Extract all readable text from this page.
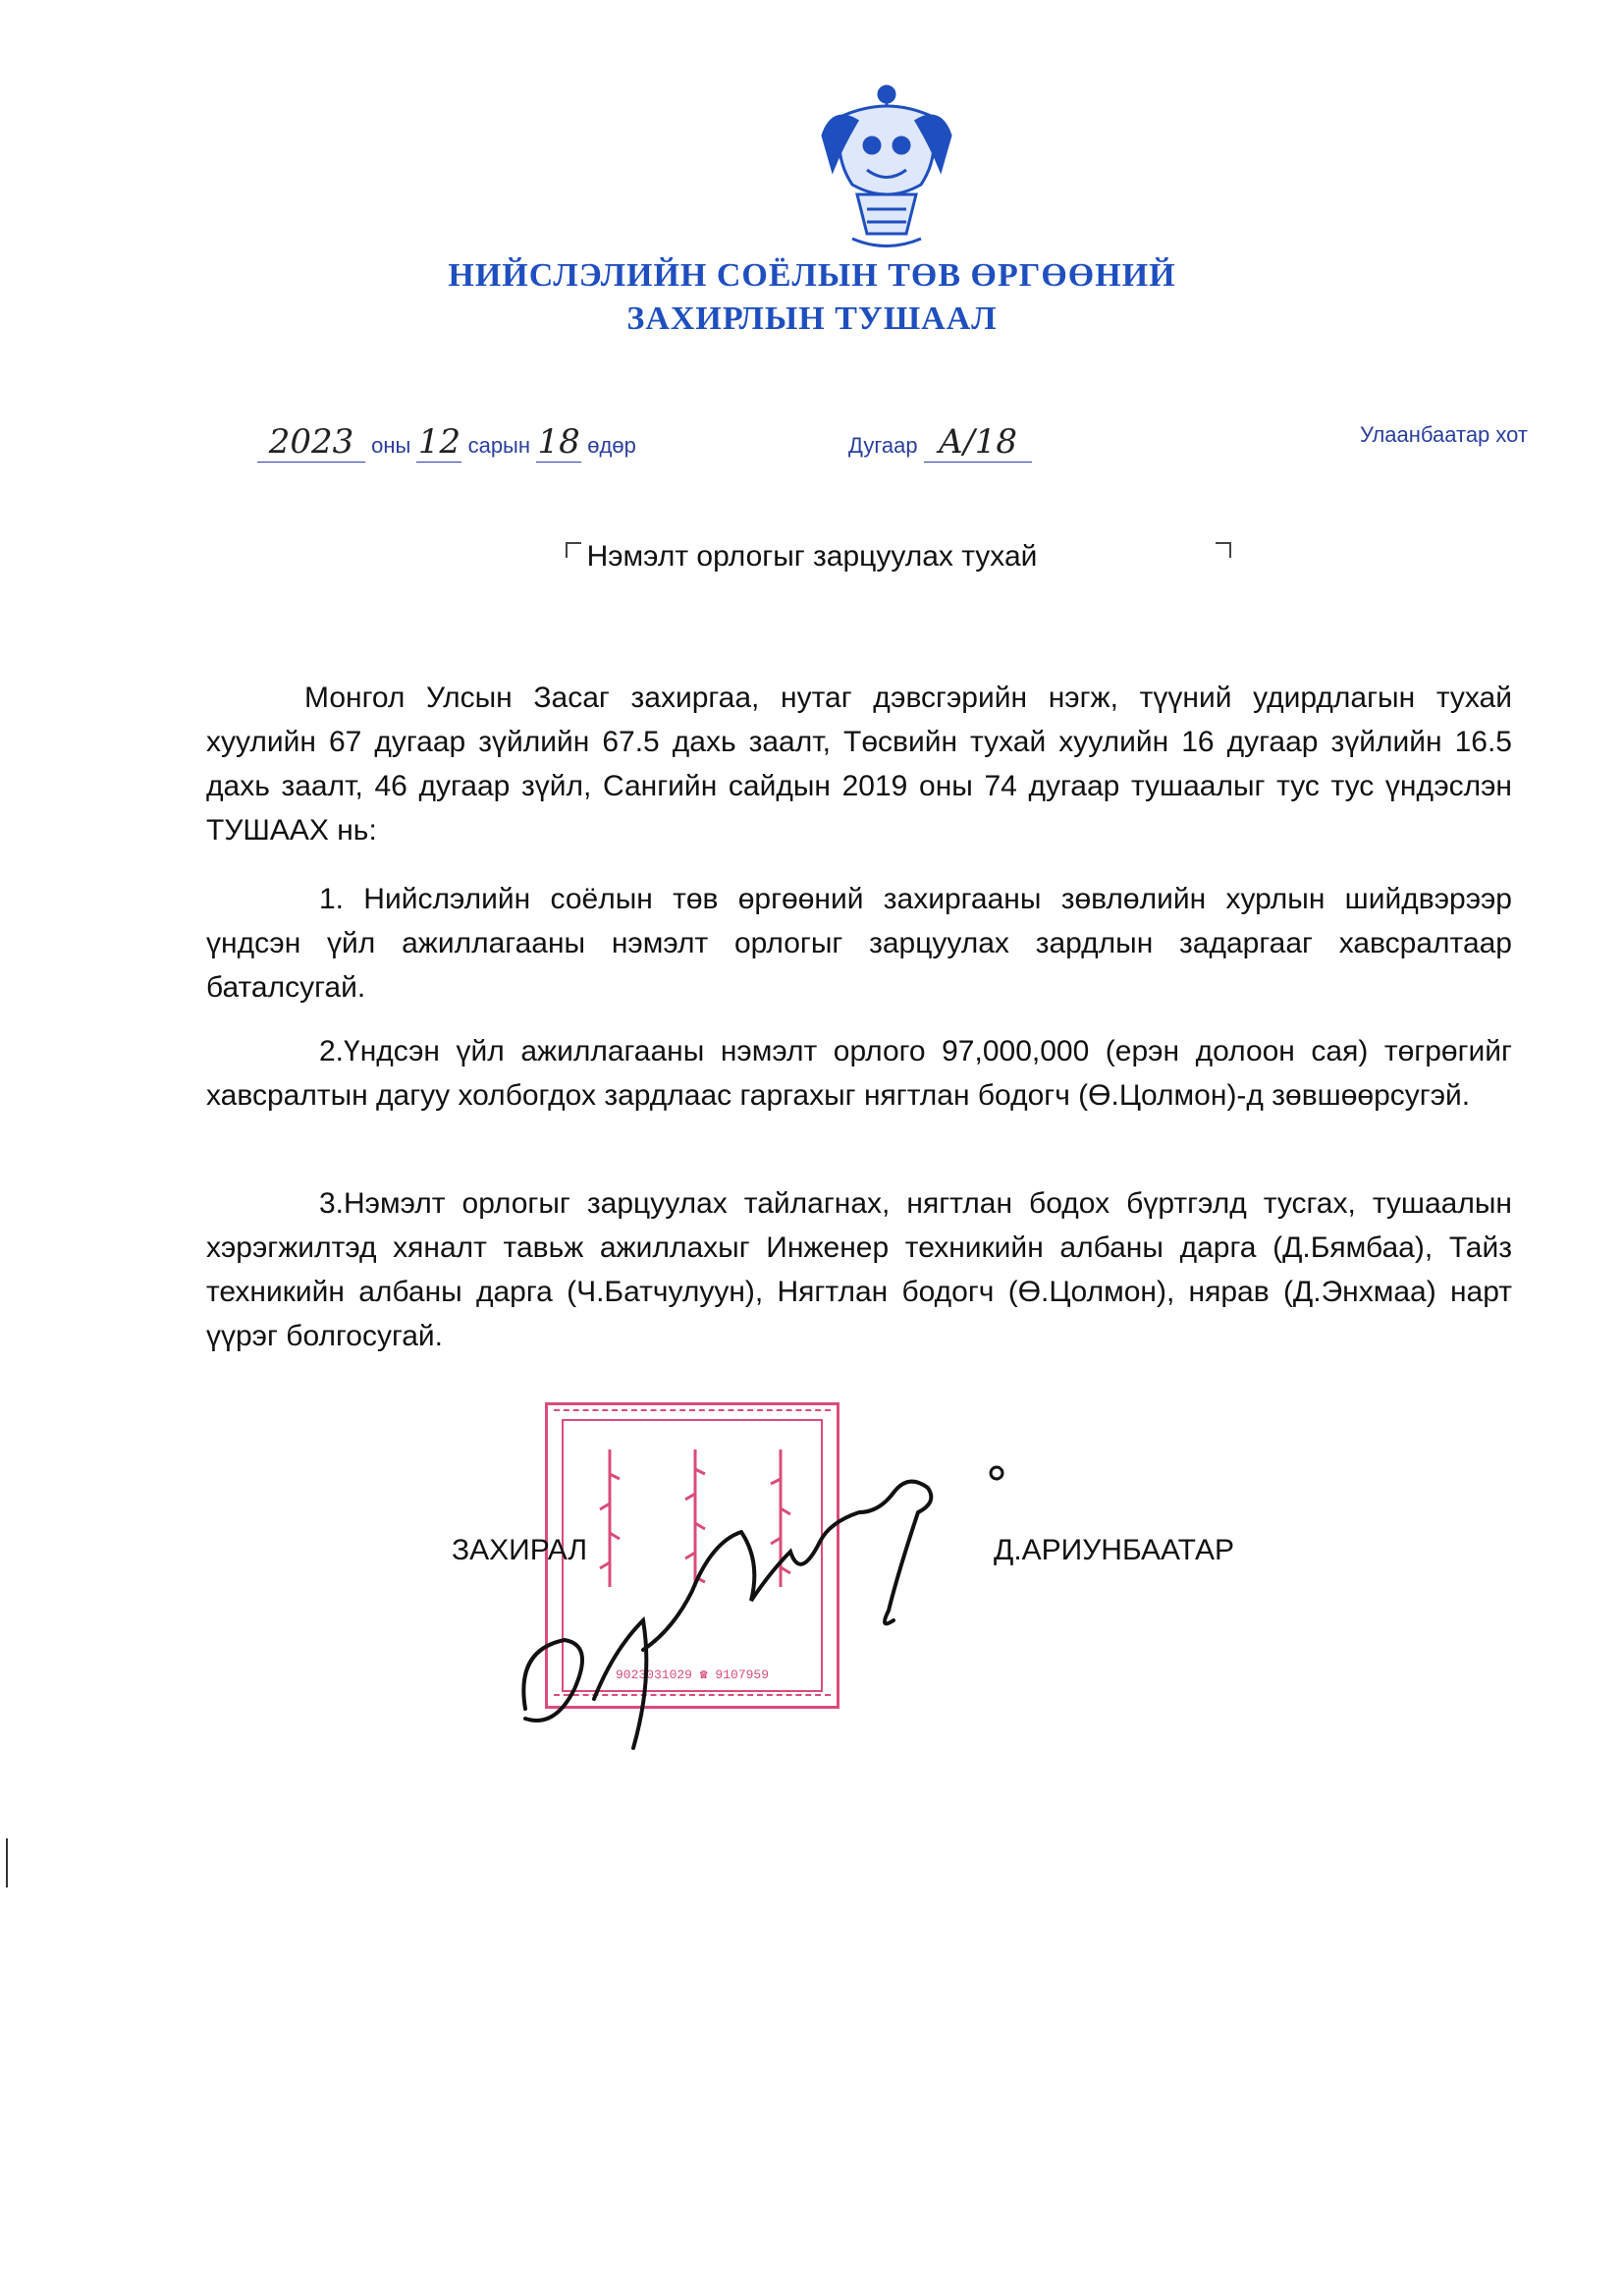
НИЙСЛЭЛИЙН СОЁЛЫН ТӨВ ӨРГӨӨНИЙ
ЗАХИРЛЫН ТУШААЛ
2023 оны 12 сарын 18 өдөр	Дугаар А/18	Улаанбаатар хот
Нэмэлт орлогыг зарцуулах тухай
Монгол Улсын Засаг захиргаа, нутаг дэвсгэрийн нэгж, түүний удирдлагын тухай хуулийн 67 дугаар зүйлийн 67.5 дахь заалт, Төсвийн тухай хуулийн 16 дугаар зүйлийн 16.5 дахь заалт, 46 дугаар зүйл, Сангийн сайдын 2019 оны 74 дугаар тушаалыг тус тус үндэслэн ТУШААХ нь:
1. Нийслэлийн соёлын төв өргөөний захиргааны зөвлөлийн хурлын шийдвэрээр үндсэн үйл ажиллагааны нэмэлт орлогыг зарцуулах зардлын задаргааг хавсралтаар баталсугай.
2.Үндсэн үйл ажиллагааны нэмэлт орлого 97,000,000 (ерэн долоон сая) төгрөгийг хавсралтын дагуу холбогдох зардлаас гаргахыг нягтлан бодогч (Ө.Цолмон)-д зөвшөөрсугэй.
3.Нэмэлт орлогыг зарцуулах тайлагнах, нягтлан бодох бүртгэлд тусгах, тушаалын хэрэгжилтэд хяналт тавьж ажиллахыг Инженер техникийн албаны дарга (Д.Бямбаа), Тайз техникийн албаны дарга (Ч.Батчулуун), Нягтлан бодогч (Ө.Цолмон), нярав (Д.Энхмаа) нарт үүрэг болгосугай.
9023031029 ☎ 9107959
ЗАХИРАЛ	Д.АРИУНБААТАР
